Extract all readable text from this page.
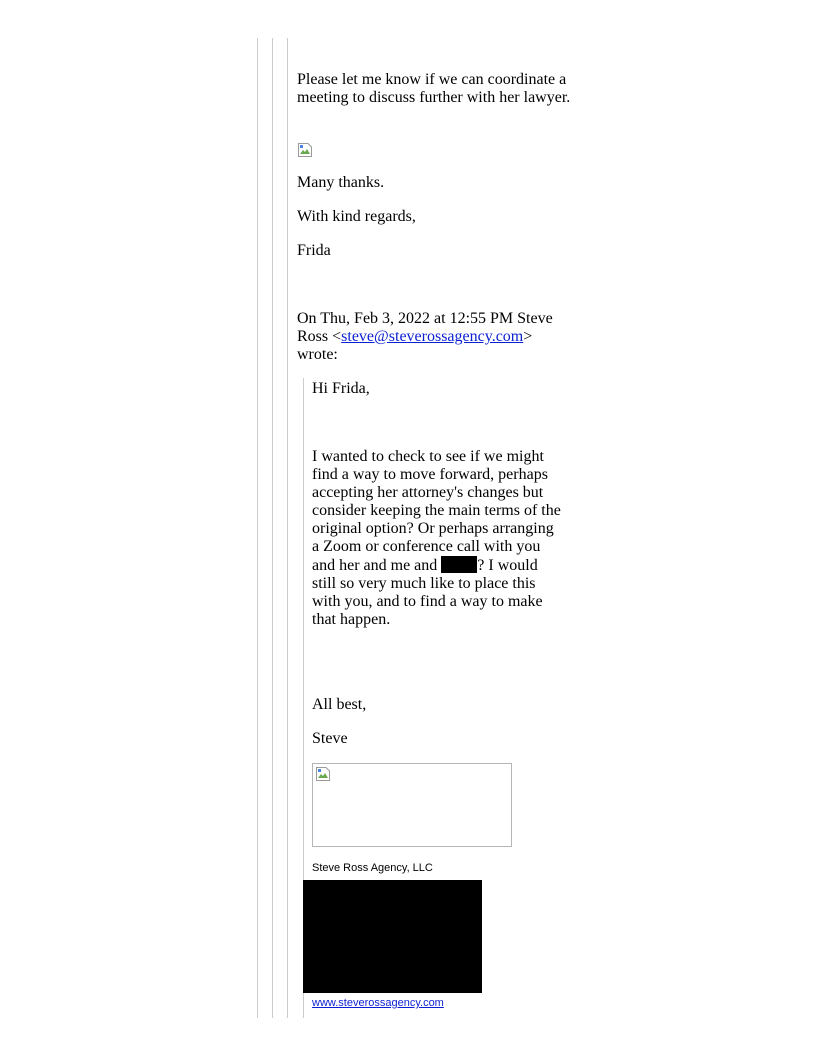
Please let me know if we can coordinate a meeting to discuss further with her lawyer.

Many thanks.

With kind regards,

Frida

On Thu, Feb 3, 2022 at 12:55 PM Steve Ross <steve@steverossagency.com> wrote:

Hi Frida,

I wanted to check to see if we might find a way to move forward, perhaps accepting her attorney's changes but consider keeping the main terms of the original option? Or perhaps arranging a Zoom or conference call with you and her and me and	? I would still so very much like to place this with you, and to find a way to make that happen.

All best,

Steve

Steve Ross Agency, LLC

www.steverossagency.com
